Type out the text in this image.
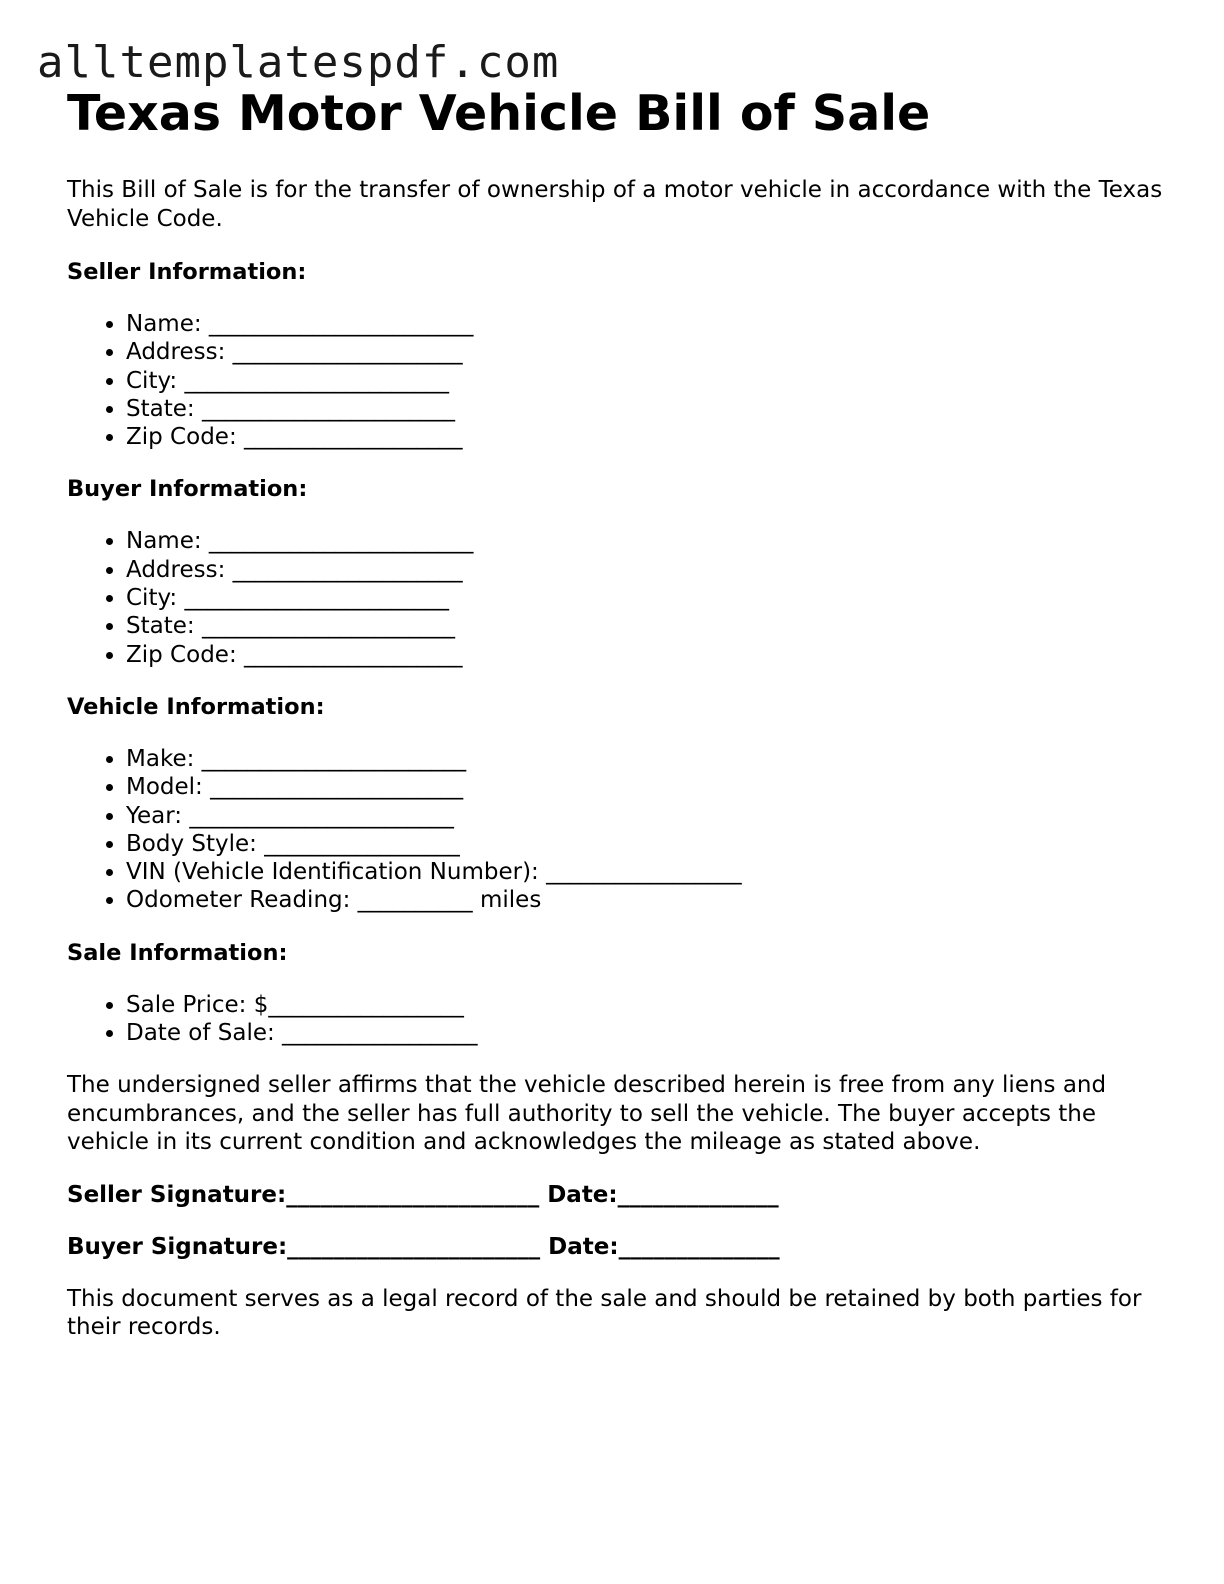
alltemplatespdf.com
Texas Motor Vehicle Bill of Sale

This Bill of Sale is for the transfer of ownership of a motor vehicle in accordance with the Texas Vehicle Code.

Seller Information:
• Name: _______________________
• Address: ____________________
• City: _______________________
• State: ______________________
• Zip Code: ___________________
Buyer Information:
• Name: _______________________
• Address: ____________________
• City: _______________________
• State: ______________________
• Zip Code: ___________________
Vehicle Information:
• Make: _______________________
• Model: ______________________
• Year: _______________________
• Body Style: _________________
• VIN (Vehicle Identification Number): _________________
• Odometer Reading: __________ miles
Sale Information:
• Sale Price: $_________________
• Date of Sale: _________________

The undersigned seller affirms that the vehicle described herein is free from any liens and encumbrances, and the seller has full authority to sell the vehicle. The buyer accepts the vehicle in its current condition and acknowledges the mileage as stated above.

Seller Signature:______________________ Date:______________
Buyer Signature:______________________ Date:______________

This document serves as a legal record of the sale and should be retained by both parties for their records.
